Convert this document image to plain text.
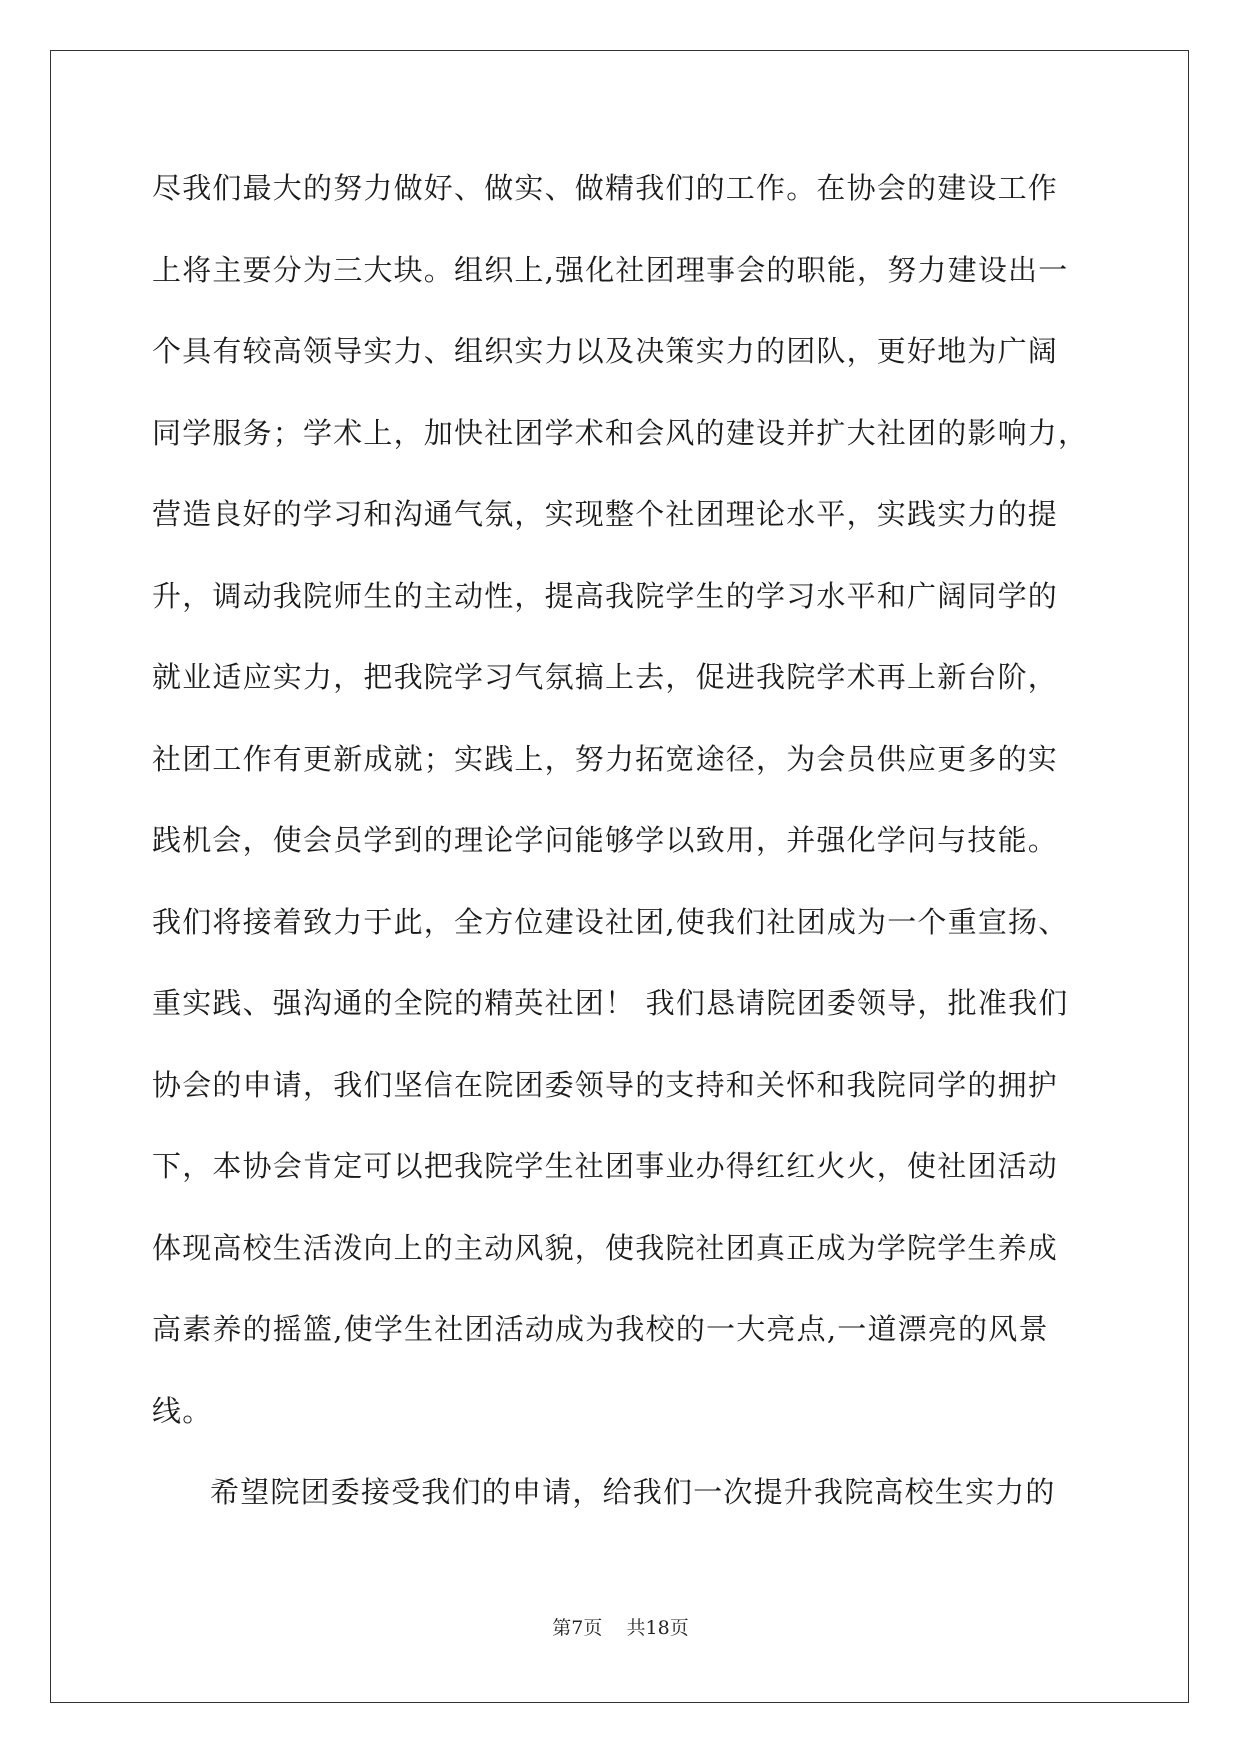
尽我们最大的努力做好、做实、做精我们的工作。在协会的建设工作
上将主要分为三大块。组织上,强化社团理事会的职能，努力建设出一
个具有较高领导实力、组织实力以及决策实力的团队，更好地为广阔
同学服务；学术上，加快社团学术和会风的建设并扩大社团的影响力，
营造良好的学习和沟通气氛，实现整个社团理论水平，实践实力的提
升，调动我院师生的主动性，提高我院学生的学习水平和广阔同学的
就业适应实力，把我院学习气氛搞上去，促进我院学术再上新台阶，
社团工作有更新成就；实践上，努力拓宽途径，为会员供应更多的实
践机会，使会员学到的理论学问能够学以致用，并强化学问与技能。
我们将接着致力于此，全方位建设社团,使我们社团成为一个重宣扬、
重实践、强沟通的全院的精英社团！ 我们恳请院团委领导，批准我们
协会的申请，我们坚信在院团委领导的支持和关怀和我院同学的拥护
下，本协会肯定可以把我院学生社团事业办得红红火火，使社团活动
体现高校生活泼向上的主动风貌，使我院社团真正成为学院学生养成
高素养的摇篮,使学生社团活动成为我校的一大亮点,一道漂亮的风景
线。
希望院团委接受我们的申请，给我们一次提升我院高校生实力的
第7页    共18页
